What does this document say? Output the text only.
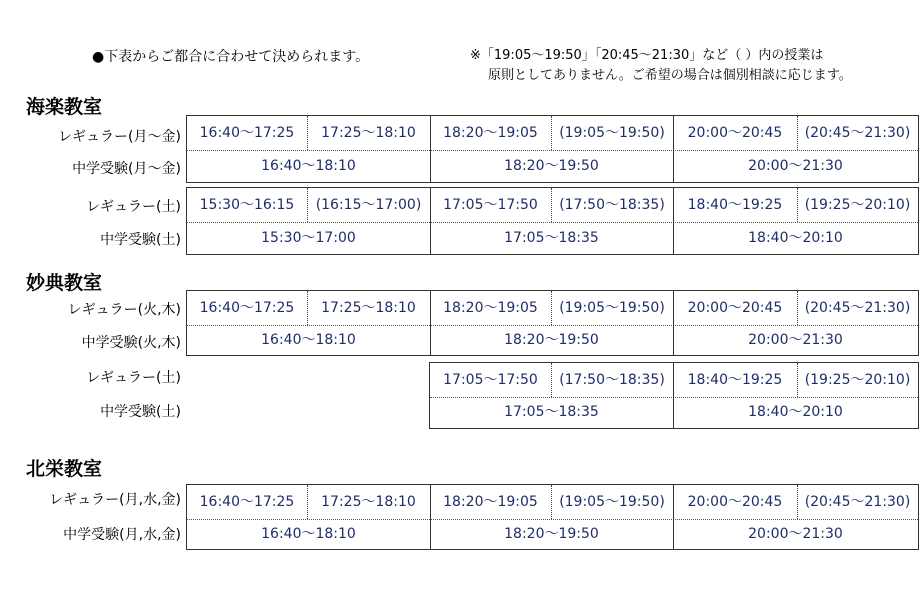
●下表からご都合に合わせて決められます。	※「19:05〜19:50」「20:45〜21:30」など（ ）内の授業は
原則としてありません。ご希望の場合は個別相談に応じます。
海楽教室
レギュラー(月〜金)
中学受験(月〜金)
16:40〜17:25	17:25〜18:10	18:20〜19:05	(19:05〜19:50)	20:00〜20:45	(20:45〜21:30)
16:40〜18:10	18:20〜19:50	20:00〜21:30
レギュラー(土)
中学受験(土)
15:30〜16:15	(16:15〜17:00)	17:05〜17:50	(17:50〜18:35)	18:40〜19:25	(19:25〜20:10)
15:30〜17:00	17:05〜18:35	18:40〜20:10
妙典教室
レギュラー(火,木)
中学受験(火,木)
16:40〜17:25	17:25〜18:10	18:20〜19:05	(19:05〜19:50)	20:00〜20:45	(20:45〜21:30)
16:40〜18:10	18:20〜19:50	20:00〜21:30
レギュラー(土)
中学受験(土)
17:05〜17:50	(17:50〜18:35)	18:40〜19:25	(19:25〜20:10)
17:05〜18:35	18:40〜20:10
北栄教室
レギュラー(月,水,金)
中学受験(月,水,金)
16:40〜17:25	17:25〜18:10	18:20〜19:05	(19:05〜19:50)	20:00〜20:45	(20:45〜21:30)
16:40〜18:10	18:20〜19:50	20:00〜21:30
